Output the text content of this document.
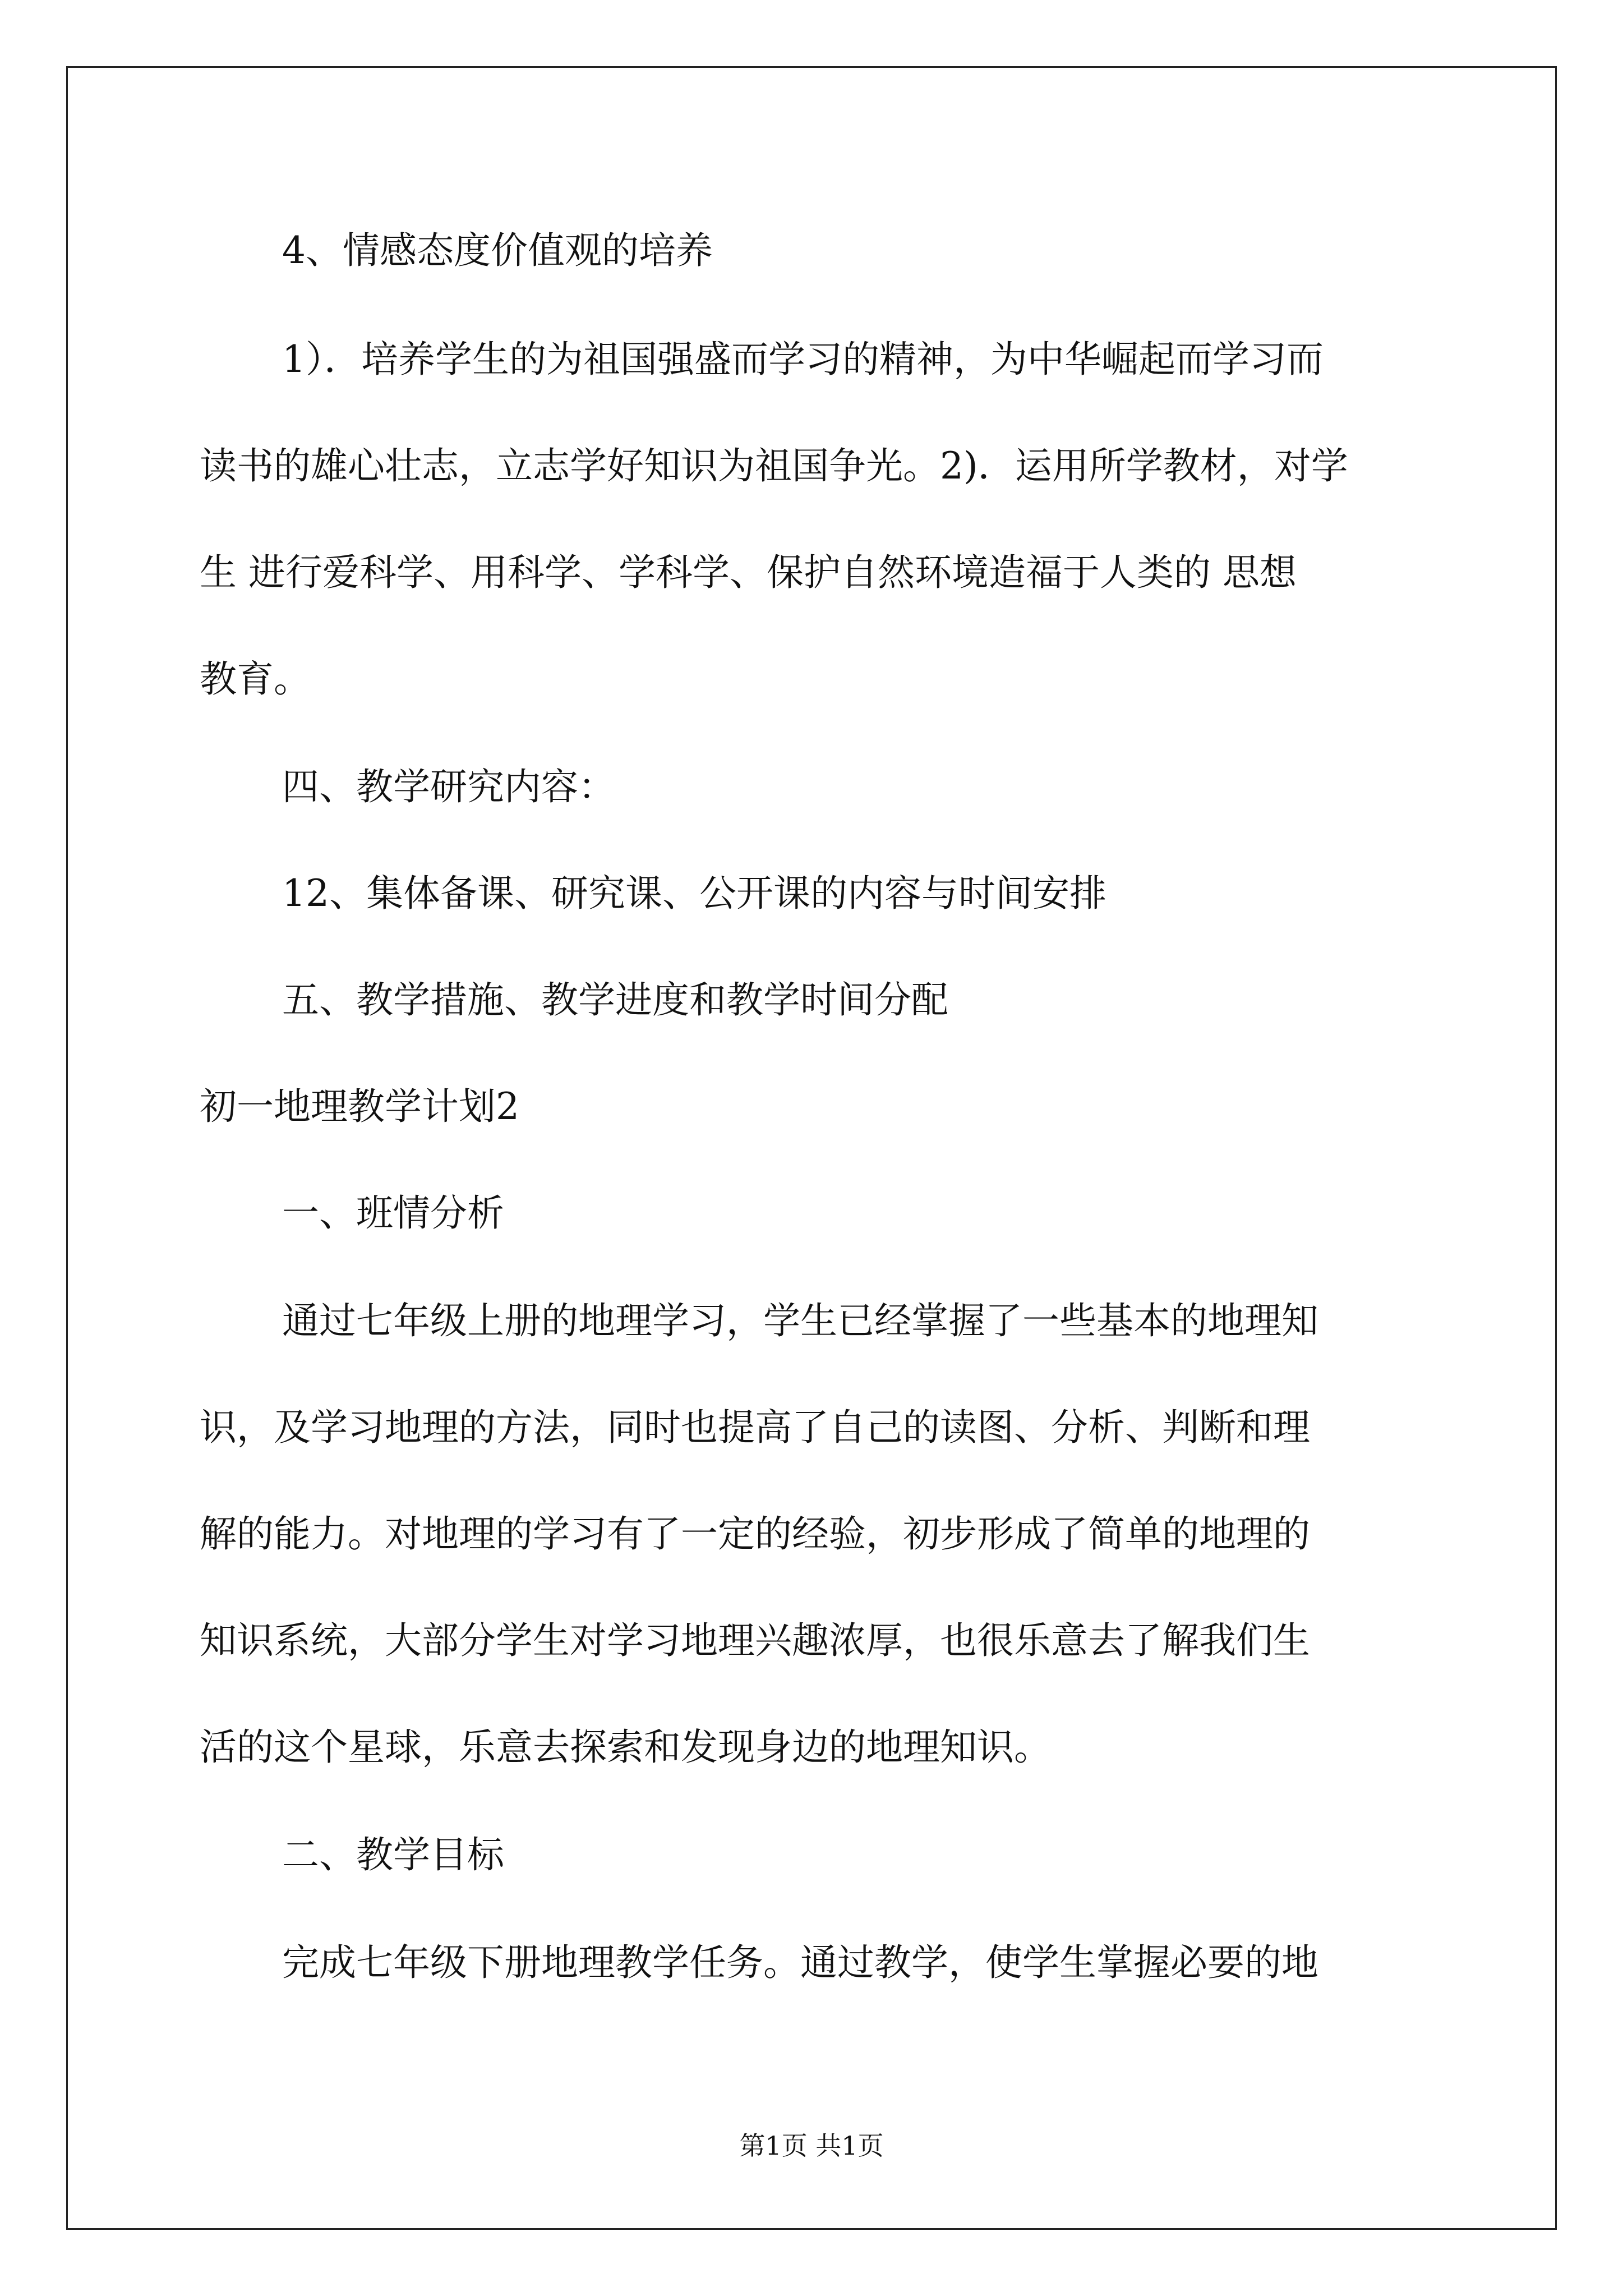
4、情感态度价值观的培养
1）．培养学生的为祖国强盛而学习的精神，为中华崛起而学习而
读书的雄心壮志，立志学好知识为祖国争光。2)．运用所学教材，对学
生 进行爱科学、用科学、学科学、保护自然环境造福于人类的 思想
教育。
四、教学研究内容：
12、集体备课、研究课、公开课的内容与时间安排
五、教学措施、教学进度和教学时间分配
初一地理教学计划2
一、班情分析
通过七年级上册的地理学习，学生已经掌握了一些基本的地理知
识，及学习地理的方法，同时也提高了自己的读图、分析、判断和理
解的能力。对地理的学习有了一定的经验，初步形成了简单的地理的
知识系统，大部分学生对学习地理兴趣浓厚，也很乐意去了解我们生
活的这个星球，乐意去探索和发现身边的地理知识。
二、教学目标
完成七年级下册地理教学任务。通过教学，使学生掌握必要的地
第1页 共1页
